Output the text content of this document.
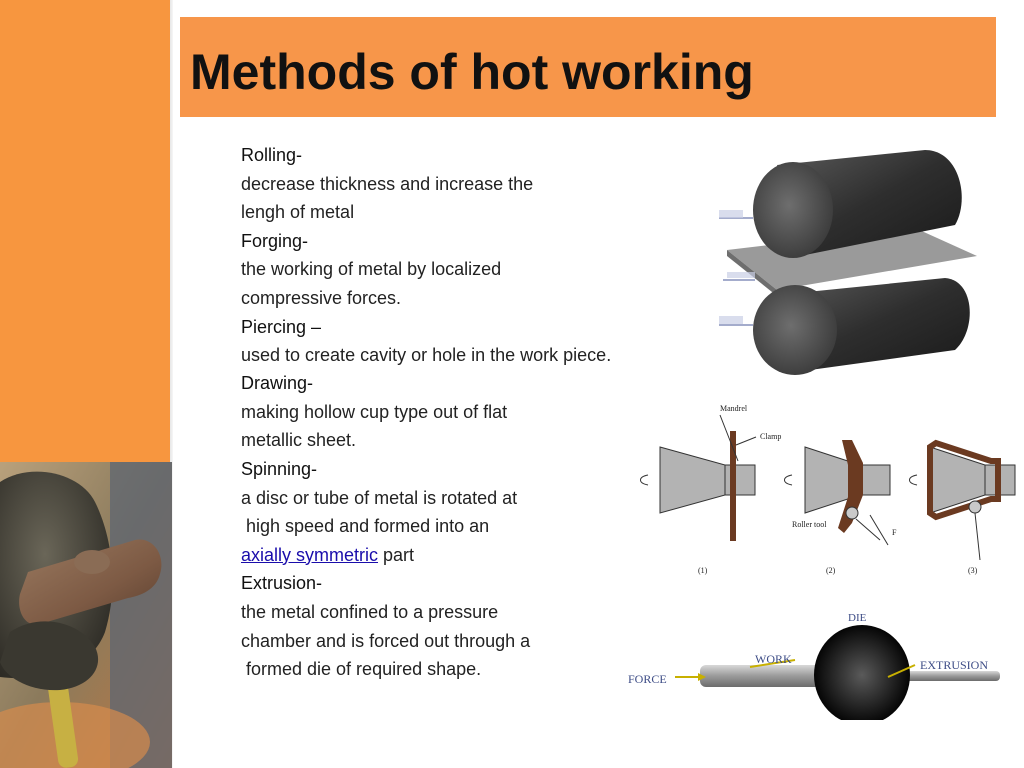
Methods of hot working

Rolling-

decrease thickness and increase the

lengh of metal

Forging-

the working of metal by localized

compressive forces.

Piercing –

used to create cavity or hole in the work piece.

Drawing-

making hollow cup type out of flat

metallic sheet.

Spinning-

a disc or tube of metal is rotated at

high speed and formed into an

axially symmetric part

Extrusion-

the metal confined to a pressure

chamber and is forced out through a

formed die of required shape.

Mandrel
Clamp
Roller tool
F
(1)	(2)	(3)
FORCE
WORK
DIE
EXTRUSION
